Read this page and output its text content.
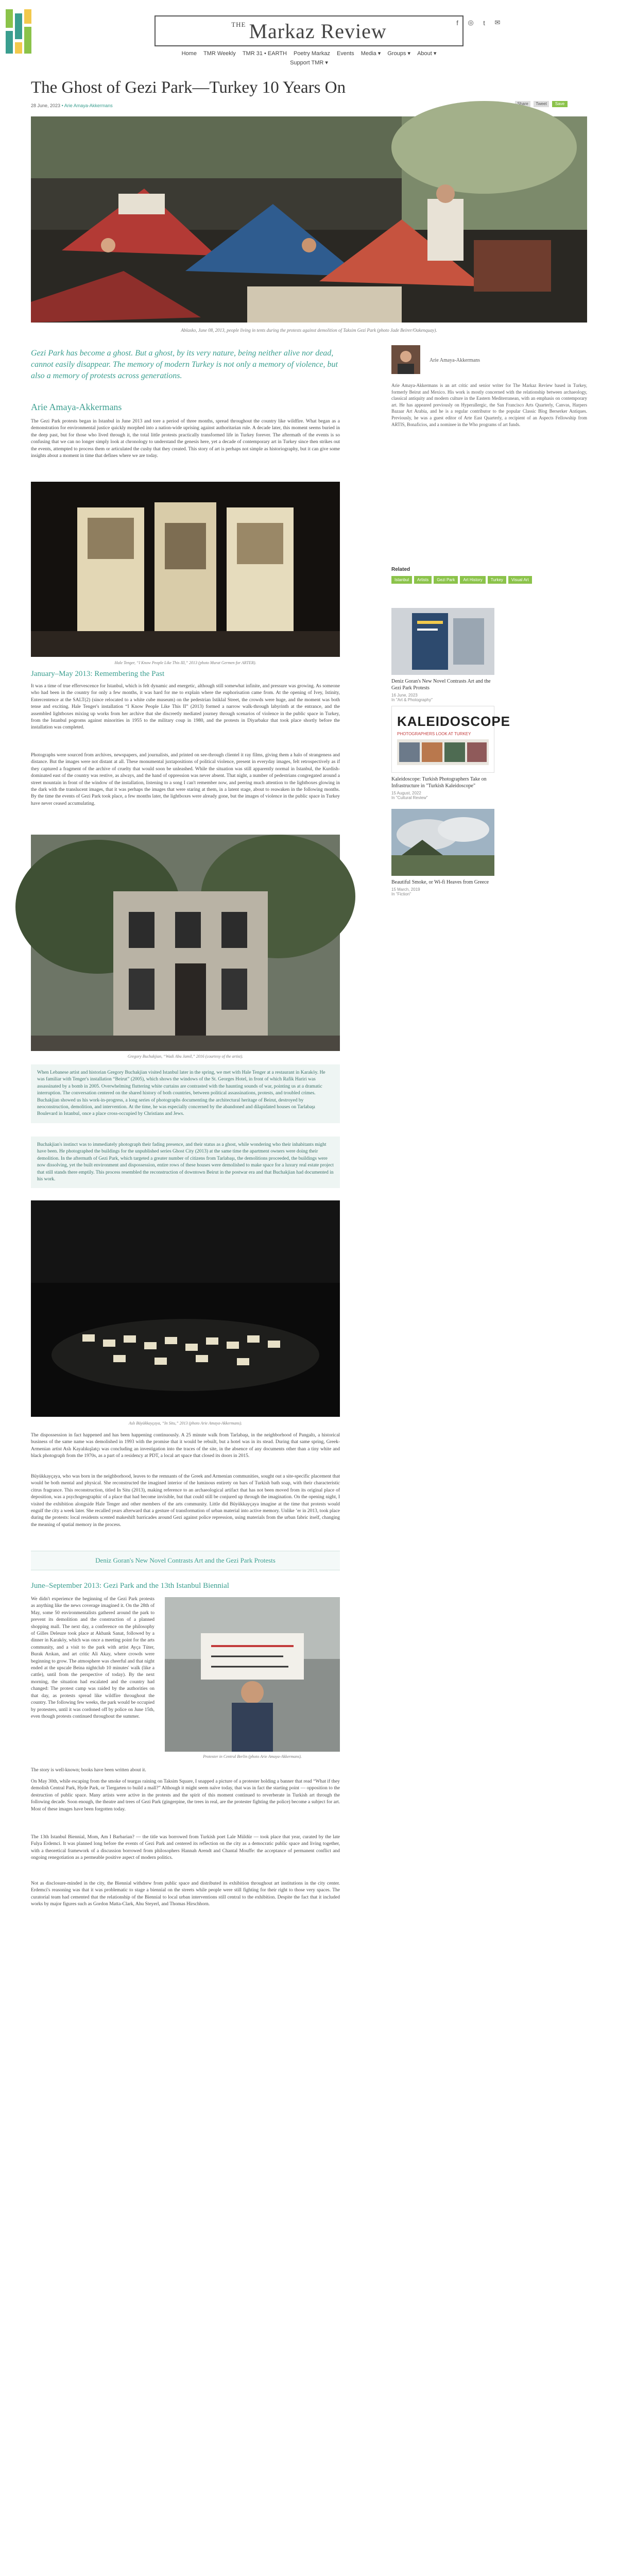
THE Markaz Review	f	◎	t	✉
Home TMR Weekly TMR 31 • EARTH Poetry Markaz Events Media ▾ Groups ▾ About ▾
Support TMR ▾
The Ghost of Gezi Park—Turkey 10 Years On
28 June, 2023 • Arie Amaya-Akkermans	Share	Tweet	Save
Ablasko, June 08, 2013, people living in tents during the protests against demolition of Taksim Gezi Park (photo Jade Beirer/Oakenquay).

Gezi Park has become a ghost. But a ghost, by its very nature, being neither alive nor dead, cannot easily disappear. The memory of modern Turkey is not only a memory of violence, but also a memory of protests across generations.

Arie Amaya-Akkermans

The Gezi Park protests began in Istanbul in June 2013 and tore a period of three months, spread throughout the country like wildfire. What began as a demonstration for environmental justice quickly morphed into a nation-wide uprising against authoritarian rule. A decade later, this moment seems buried in the deep past, but for those who lived through it, the total little protests practically transformed life in Turkey forever. The aftermath of the events is so confusing that we can no longer simply look at chronology to understand the genesis here, yet a decade of contemporary art in Turkey since then strikes out the events, attempted to process them or articulated the cushy that they created. This story of art is perhaps not simple as historiography, but it can give some insights about a moment in time that defines where we are today.

Hale Tenger, “I Know People Like This III,” 2013 (photo Murat Germen for ARTER).
January–May 2013: Remembering the Past

It was a time of true effervescence for Istanbul, which is felt dynamic and energetic, although still somewhat infinite, and pressure was growing. As someone who had been in the country for only a few months, it was hard for me to explain where the euphorisation came from. At the opening of Ivey, Istinity, Entercentence at the SALT(2) (since relocated to a white cube museum) on the pedestrian Istiklal Street, the crowds were huge, and the moment was both tense and exciting. Hale Tenger's installation “I Know People Like This II” (2013) formed a narrow walk-through labyrinth at the entrance, and the assembled lightboxes mixing up works from her archive that she discreetly mediated journey through scenarios of violence in the public space in Turkey, from the Istanbul pogroms against minorities in 1955 to the military coup in 1980, and the protests in Diyarbakır that took place shortly before the installation was completed.

Photographs were sourced from archives, newspapers, and journalists, and printed on see-through clientel it ray films, giving them a halo of strangeness and distance. But the images were not distant at all. These monumental juxtapositions of political violence, present in everyday images, felt retrospectively as if they captured a fragment of the archive of cruelty that would soon be unleashed. While the situation was still apparently normal in Istanbul, the Kurdish-dominated east of the country was restive, as always, and the hand of oppression was never absent. That night, a number of pedestrians congregated around a street mountain in front of the window of the installation, listening to a song I can't remember now, and peering much attention to the lightboxes glowing in the dark with the translucent images, that it was perhaps the images that were staring at them, in a latent stage, about to reawaken in the following months. By the time the events of Gezi Park took place, a few months later, the lightboxes were already gone, but the images of violence in the public space in Turkey have never ceased accumulating.

Gregory Buchakjian, “Wadi Abu Jamil,” 2016 (courtesy of the artist).
When Lebanese artist and historian Gregory Buchakjian visited Istanbul later in the spring, we met with Hale Tenger at a restaurant in Karaköy. He was familiar with Tenger's installation “Beirut” (2005), which shows the windows of the St. Georges Hotel, in front of which Rafik Hariri was assassinated by a bomb in 2005. Overwhelming fluttering white curtains are contrasted with the haunting sounds of war, pointing us at a dramatic interruption. The conversation centered on the shared history of both countries, between political assassinations, protests, and troubled crimes. Buchakjian showed us his work-in-progress, a long series of photographs documenting the architectural heritage of Beirut, destroyed by neoconstruction, demolition, and intervention. At the time, he was especially concerned by the abandoned and dilapidated houses on Tarlabaşı Boulevard in Istanbul, once a place cross-occupied by Christians and Jews.
Buchakjian's instinct was to immediately photograph their fading presence, and their status as a ghost, while wondering who their inhabitants might have been. He photographed the buildings for the unpublished series Ghost City (2013) at the same time the apartment owners were doing their demolition. In the aftermath of Gezi Park, which targeted a greater number of citizens from Tarlabaşı, the demolitions proceeded, the buildings were now dissolving, yet the built environment and dispossession, entire rows of these houses were demolished to make space for a luxury real estate project that still stands there emptily. This process resembled the reconstruction of downtown Beirut in the postwar era and that Buchakjian had documented in his work.
Aslı Büyükkayçaya, “In Situ,” 2013 (photo Arie Amaya-Akkermans).

The dispossession in fact happened and has been happening continuously. A 25 minute walk from Tarlabaşı, in the neighborhood of Pangaltı, a historical business of the same name was demolished in 1993 with the promise that it would be rebuilt, but a hotel was in its stead. During that same spring, Greek-Armenian artist Aslı Kayalıkışlatçı was concluding an investigation into the traces of the site, in the absence of any documents other than a tiny white and black photograph from the 1970s, as a part of a residency at PDT, a local art space that closed its doors in 2015.

Büyükkayçaya, who was born in the neighborhood, leaves to the remnants of the Greek and Armenian communities, sought out a site-specific placement that would be both mental and physical. She reconstructed the imagined interior of the luminous entirety on bars of Turkish bath soap, with their characteristic citrus fragrance. This reconstruction, titled In Situ (2013), making reference to an archaeological artifact that has not been moved from its original place of deposition, was a psychogeographic of a place that had become invisible, but that could still be conjured up through the imagination. On the opening night, I visited the exhibition alongside Hale Tenger and other members of the arts community. Little did Büyükkayçaya imagine at the time that protests would engulf the city a week later. She recalled years afterward that a gesture of transformation of urban material into active memory. Unlike ’er in 2013, took place during the protests: local residents scented makeshift barricades around Gezi against police repression, using materials from the urban fabric itself, changing the meaning of spatial memory in the process.

Deniz Goran's New Novel Contrasts Art and the Gezi Park Protests
June–September 2013: Gezi Park and the 13th Istanbul Biennial

We didn't experience the beginning of the Gezi Park protests as anything like the news coverage imagined it. On the 28th of May, some 50 environmentalists gathered around the park to prevent its demolition and the construction of a planned shopping mall. The next day, a conference on the philosophy of Gilles Deleuze took place at Akbank Sanat, followed by a dinner in Karaköy, which was once a meeting point for the arts community, and a visit to the park with artist Ayça Tüter, Burak Arıkan, and art critic Ali Akay, where crowds were beginning to grow. The atmosphere was cheerful and that night ended at the upscale Beina nightclub 10 minutes' walk (like a cattle), until from the perspective of today). By the next morning, the situation had escalated and the country had changed: The protest camp was raided by the authorities on that day, as protests spread like wildfire throughout the country. The following few weeks, the park would be occupied by protesters, until it was cordoned off by police on June 15th, even though protests continued throughout the summer.

Protester in Central Berlin (photo Arie Amaya-Akkermans).

The story is well-known; books have been written about it.

On May 30th, while escaping from the smoke of teargas raining on Taksim Square, I snapped a picture of a protester holding a banner that read “What if they demolish Central Park, Hyde Park, or Tiergarten to build a mall?” Although it might seem naïve today, that was in fact the starting point — opposition to the destruction of public space. Many artists were active in the protests and the spirit of this moment continued to reverberate in Turkish art through the following decade. Soon enough, the theatre and trees of Gezi Park (gingerpine, the trees in real, are the protester fighting the police) become a subject for art. Most of these images have been forgotten today.

The 13th Istanbul Biennial, Mom, Am I Barbarian? — the title was borrowed from Turkish poet Lale Müldür — took place that year, curated by the late Fulya Erdemci. It was planned long before the events of Gezi Park and centered its reflection on the city as a democratic public space and living together, with a theoretical framework of a discussion borrowed from philosophers Hannah Arendt and Chantal Mouffe: the acceptance of permanent conflict and ongoing renegotiation as a permeable positive aspect of modern politics.

Not as disclosure-minded in the city, the Biennial withdrew from public space and distributed its exhibition throughout art institutions in the city center. Erdemci's reasoning was that it was problematic to stage a biennial on the streets while people were still fighting for their right to those very spaces. The curatorial team had cemented that the relationship of the Biennial to local urban interventions still central to the exhibition. Despite the fact that it included works by major figures such as Gordon Matta-Clark, Ahu Steyerl, and Thomas Hirschhorn.

Arie Amaya-Akkermans

Arie Amaya-Akkermans is an art critic and senior writer for The Markaz Review based in Turkey, formerly Beirut and Mexico. His work is mostly concerned with the relationship between archaeology, classical antiquity and modern culture in the Eastern Mediterranean, with an emphasis on contemporary art. He has appeared previously on Hyperallergic, the San Francisco Arts Quarterly, Canvas, Harpers Bazaar Art Arabia, and he is a regular contributor to the popular Classic Blog Berserker Antiques. Previously, he was a guest editor of Arte East Quarterly, a recipient of an Aspects Fellowship from ARTIS, Bonaficios, and a nominee in the Who programs of art funds.

Related
Istanbul	Artists	Gezi Park	Art History	Turkey	Visual Art
Deniz Goran's New Novel Contrasts Art and the Gezi Park Protests
16 June, 2023
In "Art & Photography"
KALEIDOSCOPE
PHOTOGRAPHERS LOOK AT TURKEY
Kaleidoscope: Turkish Photographers Take on Infrastructure in "Turkish Kaleidoscope"
15 August, 2022
In "Cultural Review"
Beautiful Smoke, or Wi-fi Heaves from Greece
15 March, 2019
In "Fiction"
